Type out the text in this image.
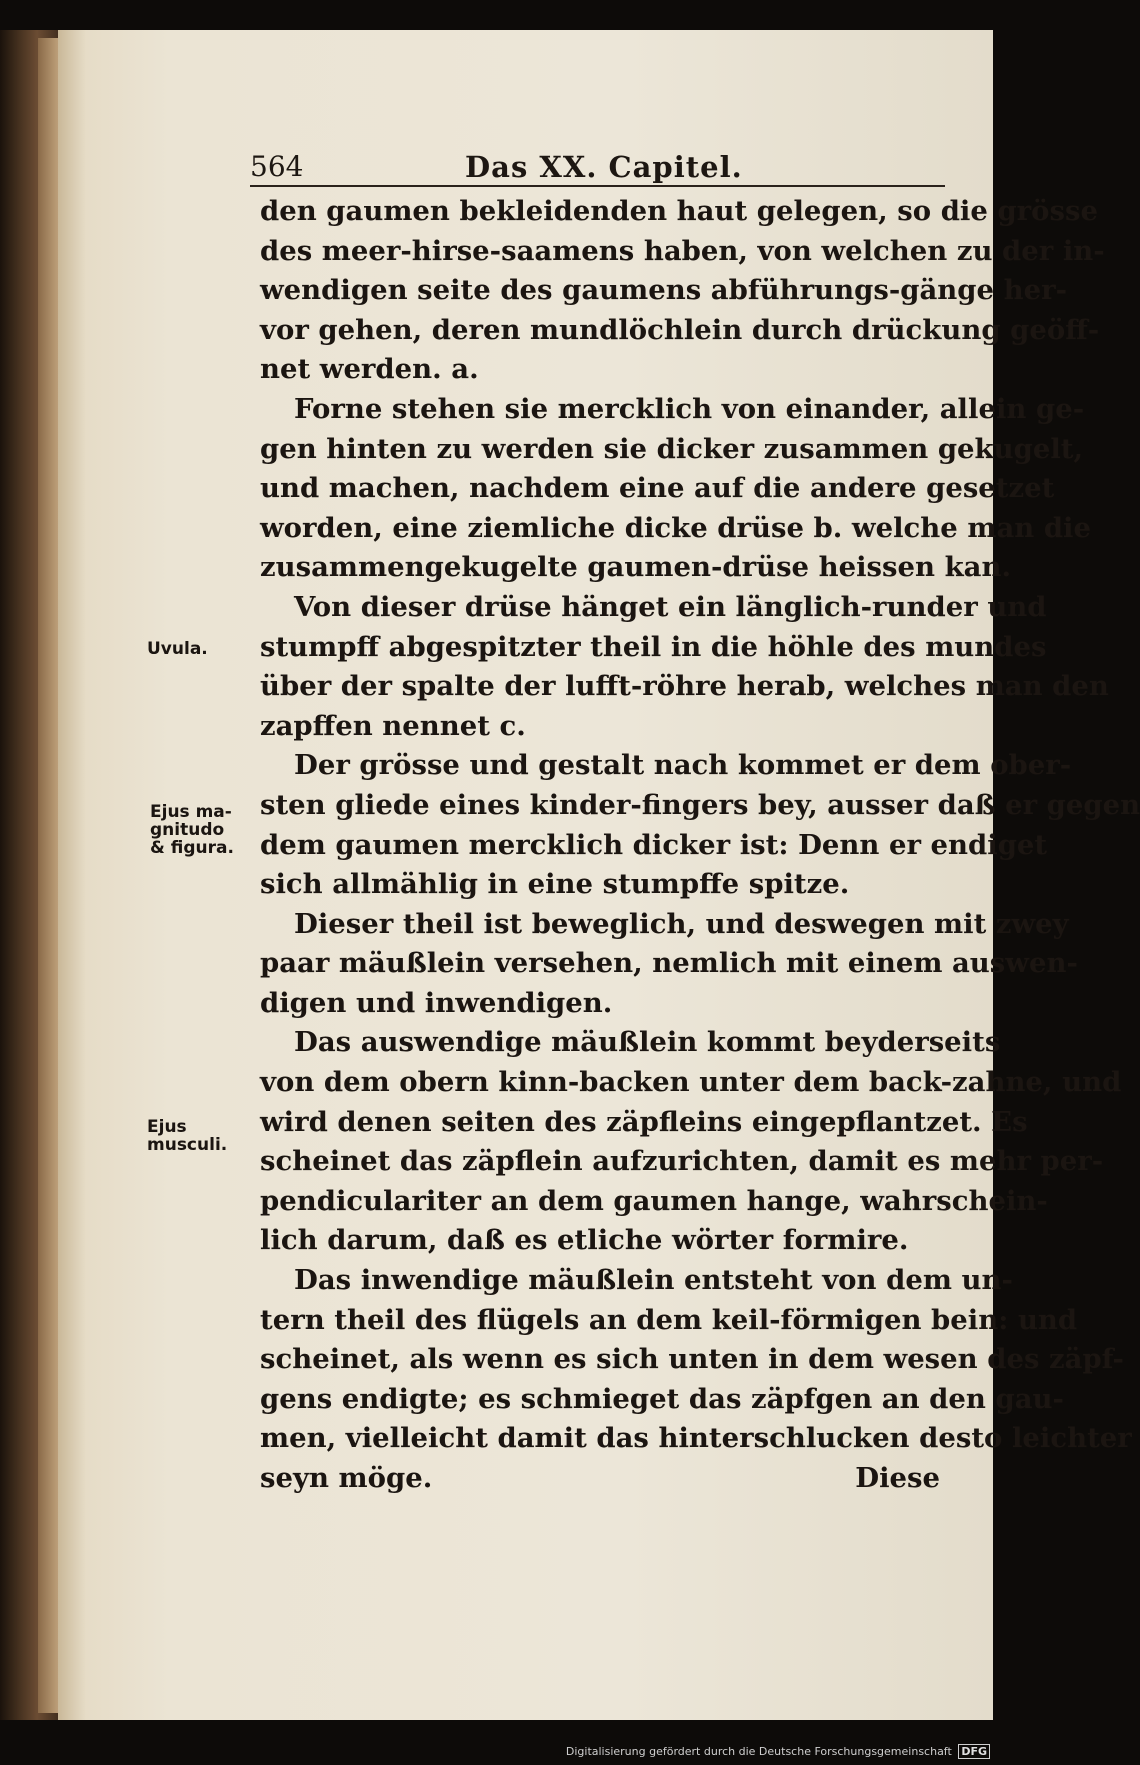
564	Das XX. Capitel.
Uvula.
Ejus ma-
gnitudo
& figura.
Ejus
musculi.
den gaumen bekleidenden haut gelegen, so die grösse
des meer-hirse-saamens haben, von welchen zu der in-
wendigen seite des gaumens abführungs-gänge her-
vor gehen, deren mundlöchlein durch drückung geöff-
net werden. a.
Forne stehen sie mercklich von einander, allein ge-
gen hinten zu werden sie dicker zusammen gekugelt,
und machen, nachdem eine auf die andere gesetzet
worden, eine ziemliche dicke drüse b. welche man die
zusammengekugelte gaumen-drüse heissen kan.
Von dieser drüse hänget ein länglich-runder und
stumpff abgespitzter theil in die höhle des mundes
über der spalte der lufft-röhre herab, welches man den
zapffen nennet c.
Der grösse und gestalt nach kommet er dem ober-
sten gliede eines kinder-fingers bey, ausser daß er gegen
dem gaumen mercklich dicker ist: Denn er endiget
sich allmählig in eine stumpffe spitze.
Dieser theil ist beweglich, und deswegen mit zwey
paar mäußlein versehen, nemlich mit einem auswen-
digen und inwendigen.
Das auswendige mäußlein kommt beyderseits
von dem obern kinn-backen unter dem back-zahne, und
wird denen seiten des zäpfleins eingepflantzet. Es
scheinet das zäpflein aufzurichten, damit es mehr per-
pendiculariter an dem gaumen hange, wahrschein-
lich darum, daß es etliche wörter formire.
Das inwendige mäußlein entsteht von dem un-
tern theil des flügels an dem keil-förmigen bein: und
scheinet, als wenn es sich unten in dem wesen des zäpf-
gens endigte; es schmieget das zäpfgen an den gau-
men, vielleicht damit das hinterschlucken desto leichter
seyn möge.	Diese
Digitalisierung gefördert durch die Deutsche Forschungsgemeinschaft DFG
